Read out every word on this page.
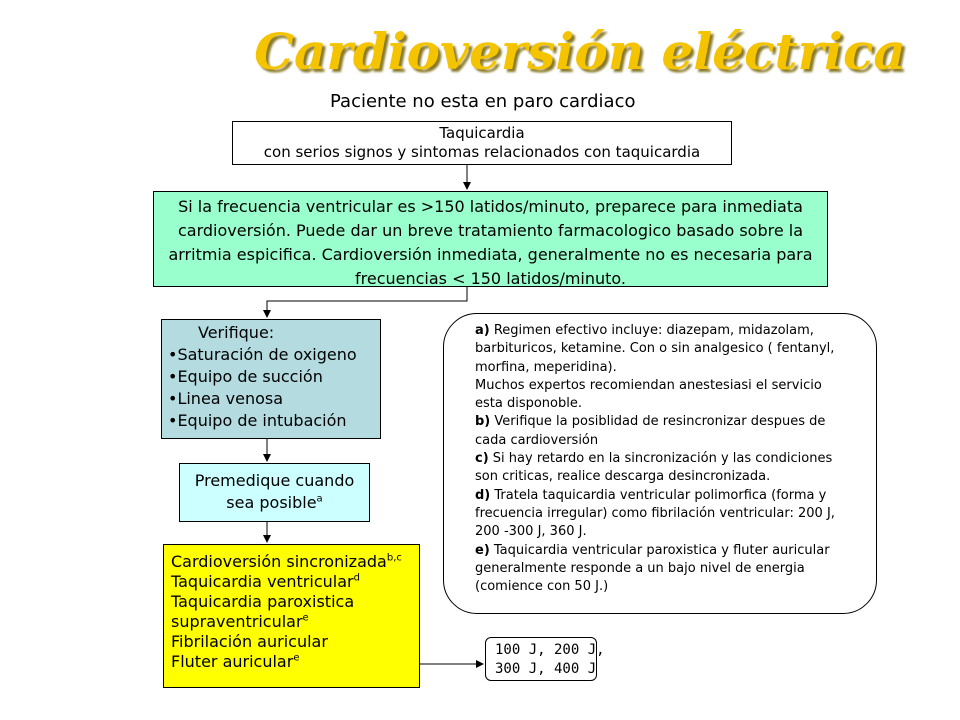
Cardioversión eléctrica
Paciente no esta en paro cardiaco
Taquicardia
con serios signos y sintomas relacionados con taquicardia
Si la frecuencia ventricular es >150 latidos/minuto, preparece para inmediata
cardioversión. Puede dar un breve tratamiento farmacologico basado sobre la
arritmia espicifica. Cardioversión inmediata, generalmente no es necesaria para
frecuencias < 150 latidos/minuto.
Verifique:
•Saturación de oxigeno
•Equipo de succión
•Linea venosa
•Equipo de intubación
Premedique cuando
sea posible$^a$
Cardioversión sincronizada$^{b,c}$
Taquicardia ventricular$^d$
Taquicardia paroxistica
supraventricular$^e$
Fibrilación auricular
Fluter auricular$^e$
100 J, 200 J,
300 J, 400 J
a) Regimen efectivo incluye: diazepam, midazolam,
barbituricos, ketamine. Con o sin analgesico ( fentanyl,
morfina, meperidina).
Muchos expertos recomiendan anestesiasi el servicio
esta disponoble.
b) Verifique la posiblidad de resincronizar despues de
cada cardioversión
c) Si hay retardo en la sincronización y las condiciones
son criticas, realice descarga desincronizada.
d) Tratela taquicardia ventricular polimorfica (forma y
frecuencia irregular) como fibrilación ventricular: 200 J,
200 -300 J, 360 J.
e) Taquicardia ventricular paroxistica y fluter auricular
generalmente responde a un bajo nivel de energia
(comience con 50 J.)
